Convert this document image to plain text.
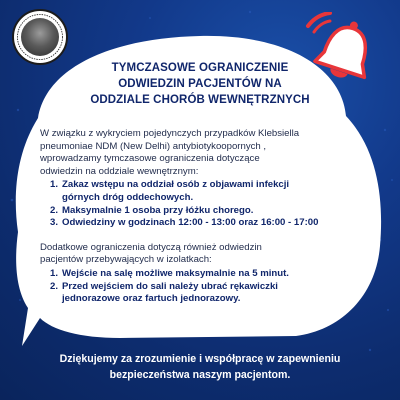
TYMCZASOWE OGRANICZENIE
ODWIEDZIN PACJENTÓW NA
ODDZIALE CHORÓB WEWNĘTRZNYCH

W związku z wykryciem pojedynczych przypadków Klebsiella

pneumoniae NDM (New Delhi) antybiotykooporny​ch ,

wprowadzamy tymczasowe ograniczenia dotyczące

odwiedzin na oddziale wewnętrznym:

1. Zakaz wstępu na oddział osób z objawami infekcji
górnych dróg oddechowych.
2. Maksymalnie 1 osoba przy łóżku chorego.
3. Odwiedziny w godzinach 12:00 - 13:00 oraz 16:00 - 17:00

Dodatkowe ograniczenia dotyczą również odwiedzin

pacjentów przebywających w izolatkach:

1. Wejście na salę możliwe maksymalnie na 5 minut.
2. Przed wejściem do sali należy ubrać rękawiczki
jednorazowe oraz fartuch jednorazowy.
Dziękujemy za zrozumienie i współpracę w zapewnieniu
bezpieczeństwa naszym pacjentom.
